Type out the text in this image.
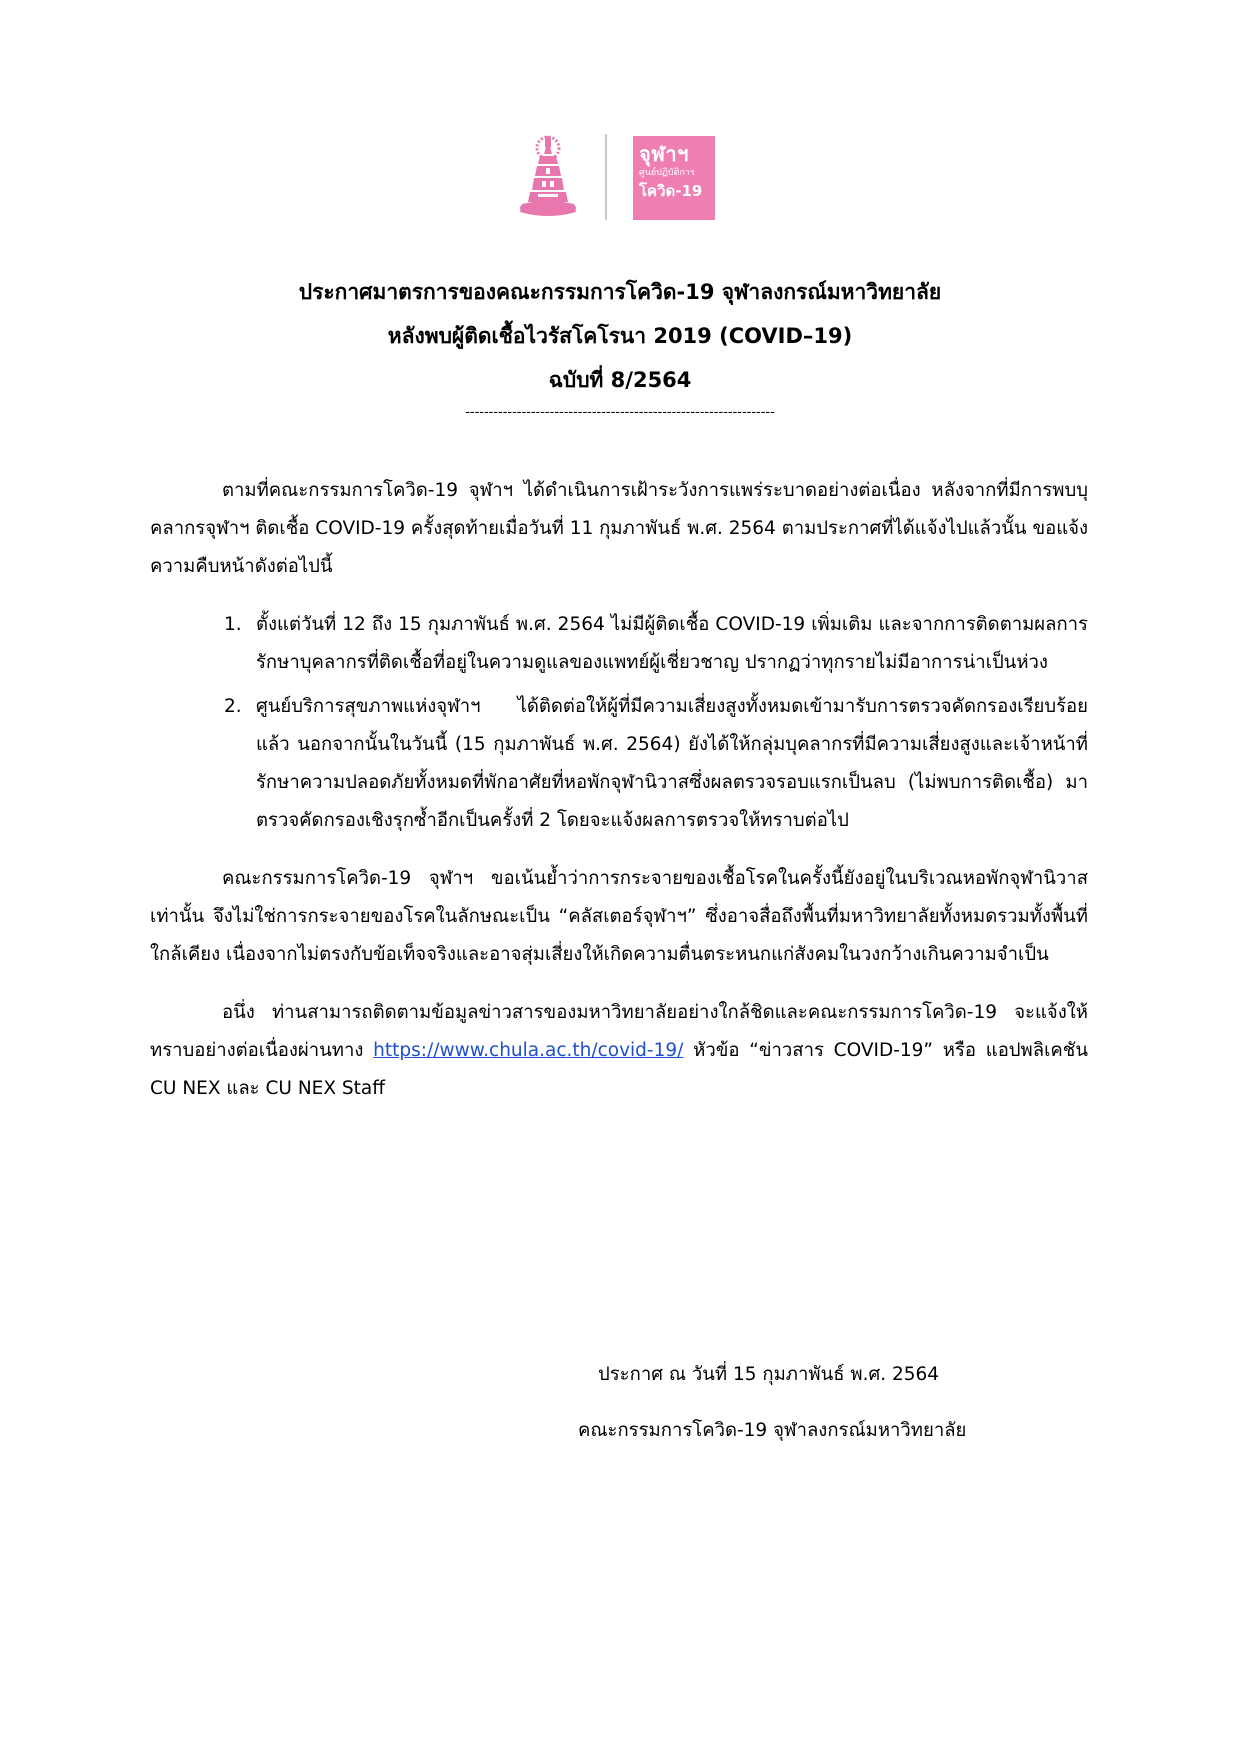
จุฬาฯ
ศูนย์ปฏิบัติการ
โควิด-19
ประกาศมาตรการของคณะกรรมการโควิด-19 จุฬาลงกรณ์มหาวิทยาลัย
หลังพบผู้ติดเชื้อไวรัสโคโรนา 2019 (COVID–19)
ฉบับที่ 8/2564
------------------------------------------------------------------

ตามที่คณะกรรมการโควิด-19 จุฬาฯ ได้ดำเนินการเฝ้าระวังการแพร่ระบาดอย่างต่อเนื่อง หลังจากที่มีการพบบุคลากรจุฬาฯ ติดเชื้อ COVID-19 ครั้งสุดท้ายเมื่อวันที่ 11 กุมภาพันธ์ พ.ศ. 2564 ตามประกาศที่ได้แจ้งไปแล้วนั้น ขอแจ้งความคืบหน้าดังต่อไปนี้

1. ตั้งแต่วันที่ 12 ถึง 15 กุมภาพันธ์ พ.ศ. 2564 ไม่มีผู้ติดเชื้อ COVID-19 เพิ่มเติม และจากการติดตามผลการรักษาบุคลากรที่ติดเชื้อที่อยู่ในความดูแลของแพทย์ผู้เชี่ยวชาญ ปรากฏว่าทุกรายไม่มีอาการน่าเป็นห่วง
2. ศูนย์บริการสุขภาพแห่งจุฬาฯ ได้ติดต่อให้ผู้ที่มีความเสี่ยงสูงทั้งหมดเข้ามารับการตรวจคัดกรองเรียบร้อยแล้ว นอกจากนั้นในวันนี้ (15 กุมภาพันธ์ พ.ศ. 2564) ยังได้ให้กลุ่มบุคลากรที่มีความเสี่ยงสูงและเจ้าหน้าที่รักษาความปลอดภัยทั้งหมดที่พักอาศัยที่หอพักจุฬานิวาสซึ่งผลตรวจรอบแรกเป็นลบ (ไม่พบการติดเชื้อ) มาตรวจคัดกรองเชิงรุกซ้ำอีกเป็นครั้งที่ 2 โดยจะแจ้งผลการตรวจให้ทราบต่อไป

คณะกรรมการโควิด-19 จุฬาฯ ขอเน้นย้ำว่าการกระจายของเชื้อโรคในครั้งนี้ยังอยู่ในบริเวณหอพักจุฬานิวาสเท่านั้น จึงไม่ใช่การกระจายของโรคในลักษณะเป็น “คลัสเตอร์จุฬาฯ” ซึ่งอาจสื่อถึงพื้นที่มหาวิทยาลัยทั้งหมดรวมทั้งพื้นที่ใกล้เคียง เนื่องจากไม่ตรงกับข้อเท็จจริงและอาจสุ่มเสี่ยงให้เกิดความตื่นตระหนกแก่สังคมในวงกว้างเกินความจำเป็น

อนึ่ง ท่านสามารถติดตามข้อมูลข่าวสารของมหาวิทยาลัยอย่างใกล้ชิดและคณะกรรมการโควิด-19 จะแจ้งให้ทราบอย่างต่อเนื่องผ่านทาง https://www.chula.ac.th/covid-19/ หัวข้อ “ข่าวสาร COVID-19” หรือ แอปพลิเคชัน CU NEX และ CU NEX Staff

ประกาศ ณ วันที่ 15 กุมภาพันธ์ พ.ศ. 2564
คณะกรรมการโควิด-19 จุฬาลงกรณ์มหาวิทยาลัย
